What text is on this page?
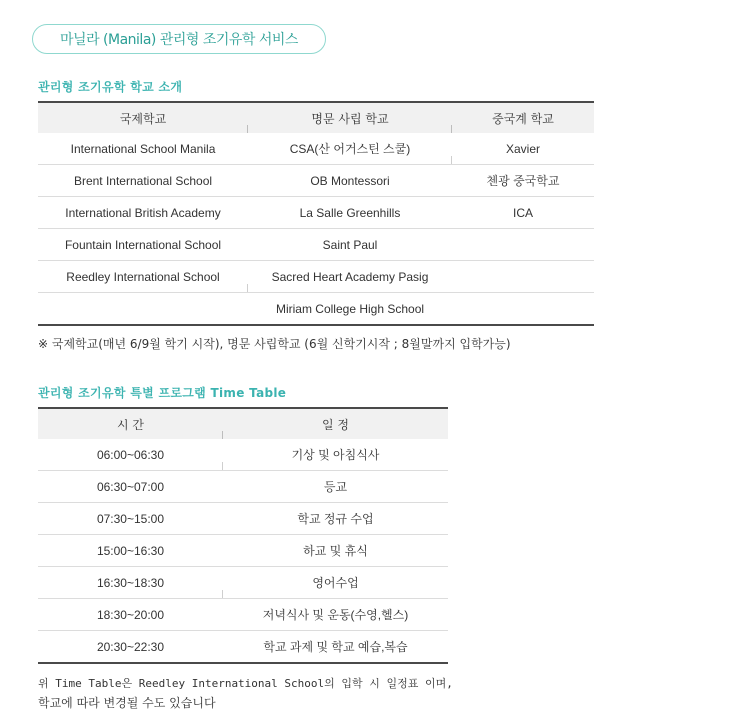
마닐라 (Manila) 관리형 조기유학 서비스
관리형 조기유학 학교 소개
국제학교	명문 사립 학교	중국계 학교

International School Manila	CSA(산 어거스틴 스쿨)	Xavier

Brent International School	OB Montessori	첸광 중국학교

International British Academy	La Salle Greenhills	ICA

Fountain International School	Saint Paul	

Reedley International School	Sacred Heart Academy Pasig	

	Miriam College High School	

※ 국제학교(매년 6/9월 학기 시작), 명문 사립학교 (6월 신학기시작 ; 8월말까지 입학가능)
관리형 조기유학 특별 프로그램 Time Table
시 간	일 정
06:00~06:30	기상 및 아침식사
06:30~07:00	등교
07:30~15:00	학교 정규 수업
15:00~16:30	하교 및 휴식
16:30~18:30	영어수업
18:30~20:00	저녁식사 및 운동(수영,헬스)
20:30~22:30	학교 과제 및 학교 예습,복습
위 Time Table은 Reedley International School의 입학 시 일정표 이며,
학교에 따라 변경될 수도 있습니다
